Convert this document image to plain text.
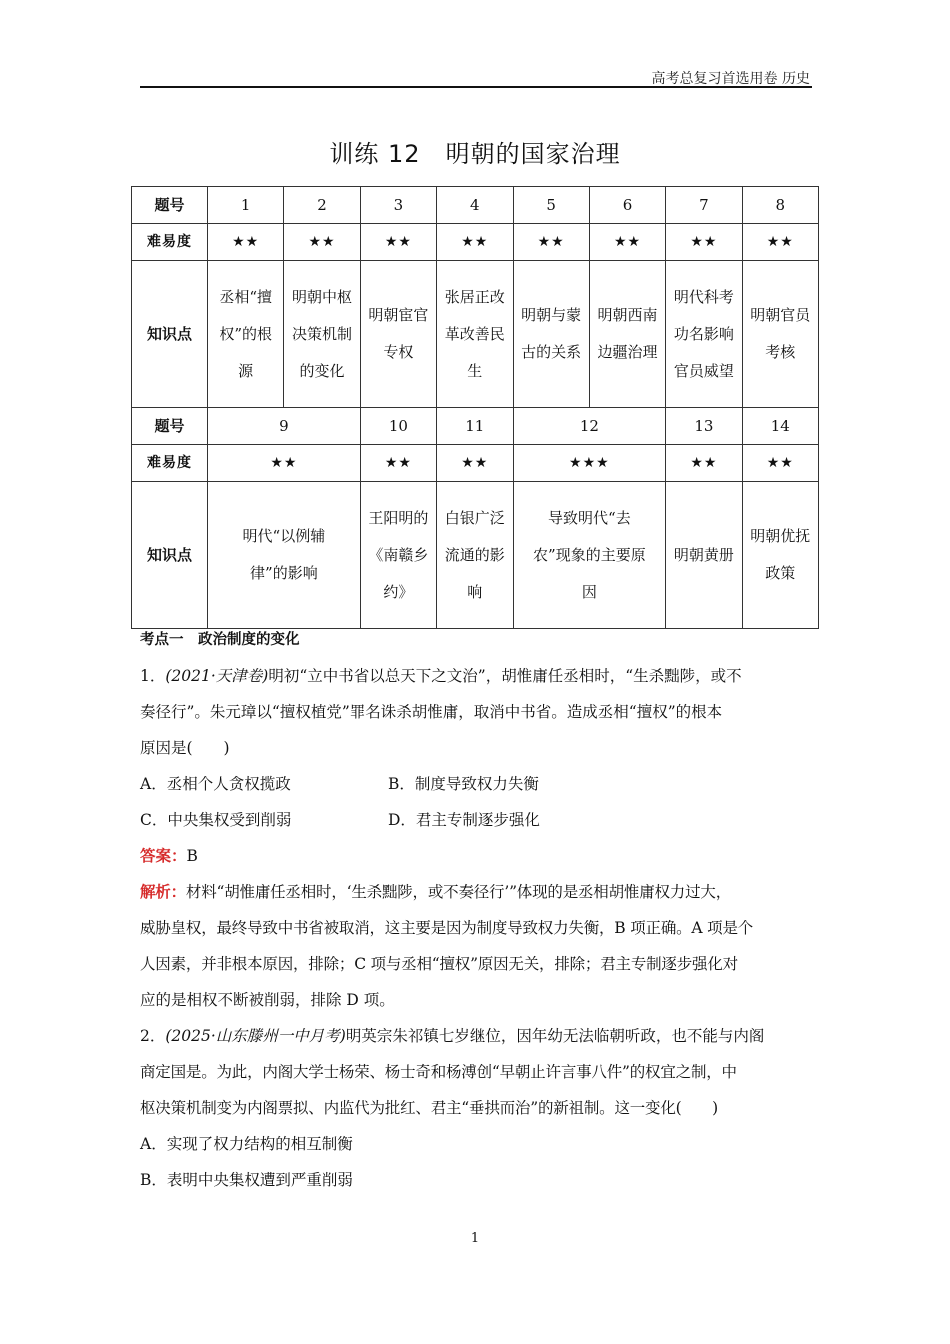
高考总复习首选用卷 历史
训练 12　明朝的国家治理
题号	1	2	3	4	5	6	7	8
难易度	★★	★★	★★	★★	★★	★★	★★	★★
知识点	丞相“擅权”的根源	明朝中枢决策机制的变化	明朝宦官专权	张居正改革改善民生	明朝与蒙古的关系	明朝西南边疆治理	明代科考功名影响官员威望	明朝官员考核
题号	9		10	11	12		13	14
难易度	★★		★★	★★	★★★		★★	★★
知识点	明代“以例辅律”的影响		王阳明的《南赣乡约》	白银广泛流通的影响	导致明代“去农”现象的主要原因		明朝黄册	明朝优抚政策
考点一　政治制度的变化
1．(2021·天津卷)明初“立中书省以总天下之文治”，胡惟庸任丞相时，“生杀黜陟，或不
奏径行”。朱元璋以“擅权植党”罪名诛杀胡惟庸，取消中书省。造成丞相“擅权”的根本
原因是(　　)
A．丞相个人贪权揽政	B．制度导致权力失衡
C．中央集权受到削弱	D．君主专制逐步强化
答案：B
解析：材料“胡惟庸任丞相时，‘生杀黜陟，或不奏径行’”体现的是丞相胡惟庸权力过大，
威胁皇权，最终导致中书省被取消，这主要是因为制度导致权力失衡，B 项正确。A 项是个
人因素，并非根本原因，排除；C 项与丞相“擅权”原因无关，排除；君主专制逐步强化对
应的是相权不断被削弱，排除 D 项。
2．(2025·山东滕州一中月考)明英宗朱祁镇七岁继位，因年幼无法临朝听政，也不能与内阁
商定国是。为此，内阁大学士杨荣、杨士奇和杨溥创“早朝止许言事八件”的权宜之制，中
枢决策机制变为内阁票拟、内监代为批红、君主“垂拱而治”的新祖制。这一变化(　　)
A．实现了权力结构的相互制衡
B．表明中央集权遭到严重削弱
1
